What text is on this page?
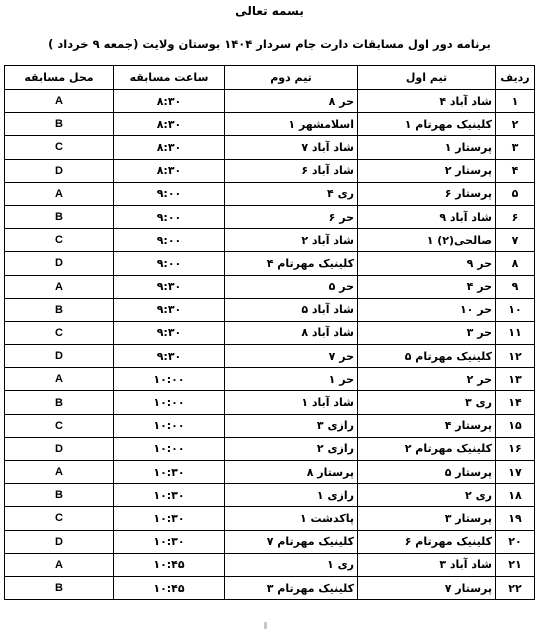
بسمه تعالی
برنامه دور اول مسابقات دارت جام سردار ۱۴۰۴ بوستان ولایت (جمعه ۹ خرداد )
ردیف	تیم اول	تیم دوم	ساعت مسابقه	محل مسابقه
۱	شاد آباد ۴	حر ۸	۸:۳۰	A
۲	کلینیک مهرتام ۱	اسلامشهر ۱	۸:۳۰	B
۳	پرستار ۱	شاد آباد ۷	۸:۳۰	C
۴	پرستار ۲	شاد آباد ۶	۸:۳۰	D
۵	پرستار ۶	ری ۴	۹:۰۰	A
۶	شاد آباد ۹	حر ۶	۹:۰۰	B
۷	صالحی(۲) ۱	شاد آباد ۲	۹:۰۰	C
۸	حر ۹	کلینیک مهرتام ۴	۹:۰۰	D
۹	حر ۴	حر ۵	۹:۳۰	A
۱۰	حر ۱۰	شاد آباد ۵	۹:۳۰	B
۱۱	حر ۳	شاد آباد ۸	۹:۳۰	C
۱۲	کلینیک مهرتام ۵	حر ۷	۹:۳۰	D
۱۳	حر ۲	حر ۱	۱۰:۰۰	A
۱۴	ری ۳	شاد آباد ۱	۱۰:۰۰	B
۱۵	پرستار ۴	رازی ۳	۱۰:۰۰	C
۱۶	کلینیک مهرتام ۲	رازی ۲	۱۰:۰۰	D
۱۷	پرستار ۵	پرستار ۸	۱۰:۳۰	A
۱۸	ری ۲	رازی ۱	۱۰:۳۰	B
۱۹	پرستار ۳	پاکدشت ۱	۱۰:۳۰	C
۲۰	کلینیک مهرتام ۶	کلینیک مهرتام ۷	۱۰:۳۰	D
۲۱	شاد آباد ۳	ری ۱	۱۰:۴۵	A
۲۲	پرستار ۷	کلینیک مهرتام ۳	۱۰:۴۵	B
